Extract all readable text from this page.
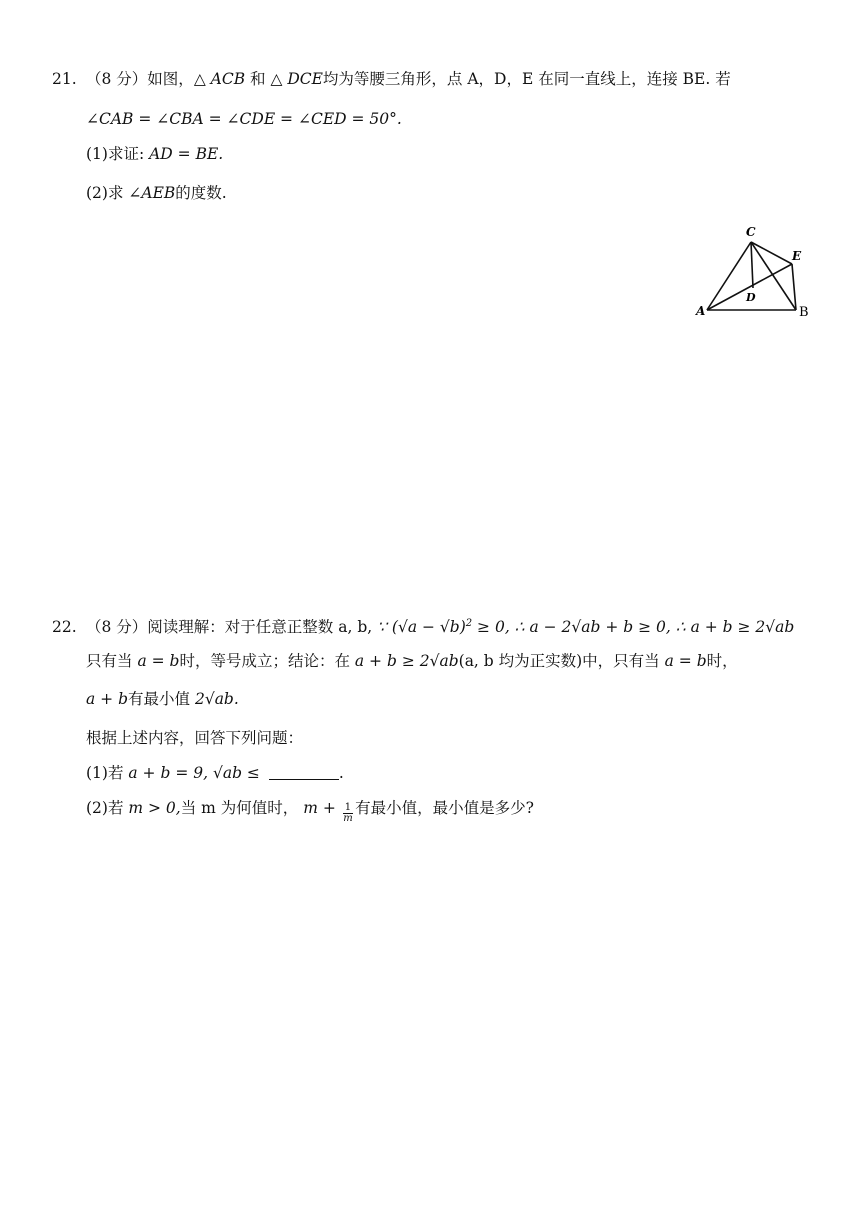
21. （8 分）如图，△ ACB 和 △ DCE均为等腰三角形，点 A，D，E 在同一直线上，连接 BE. 若
∠CAB = ∠CBA = ∠CDE = ∠CED = 50°.
(1)求证: AD = BE.
(2)求 ∠AEB的度数.
C
E
D
A	B
22. （8 分）阅读理解：对于任意正整数 a, b, ∵ $(√a - √b)^2 \ge 0$, ∴ a − 2√ab + b ≥ 0, ∴ a + b ≥ 2√ab
只有当 a = b时，等号成立；结论：在 a + b ≥ 2√ab(a, b 均为正实数)中，只有当 a = b时，
a + b有最小值 2√ab.
根据上述内容，回答下列问题：
(1)若 a + b = 9, √ab ≤	.
(2)若 m > 0,当 m 为何值时， $m + \frac{1}{m}$ 有最小值，最小值是多少?
